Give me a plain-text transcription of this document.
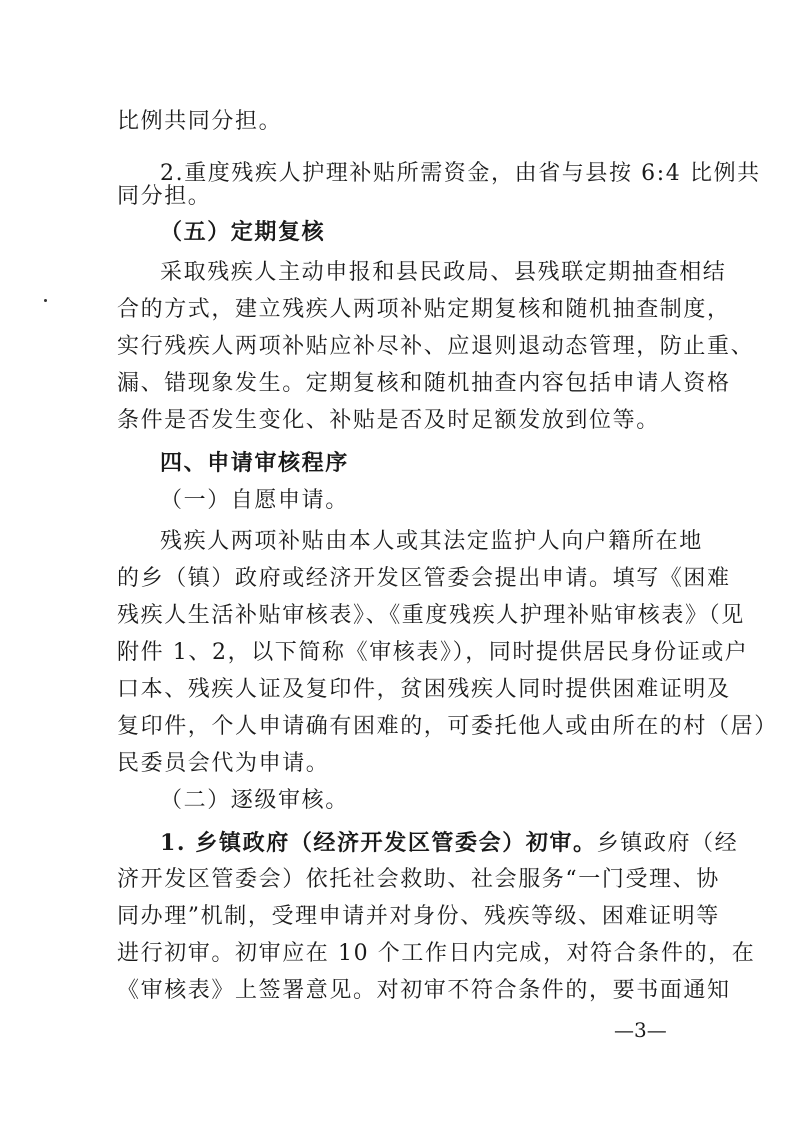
比例共同分担。
2.重度残疾人护理补贴所需资金，由省与县按 6:4 比例共
同分担。
（五）定期复核
采取残疾人主动申报和县民政局、县残联定期抽查相结
合的方式，建立残疾人两项补贴定期复核和随机抽查制度，
实行残疾人两项补贴应补尽补、应退则退动态管理，防止重、
漏、错现象发生。定期复核和随机抽查内容包括申请人资格
条件是否发生变化、补贴是否及时足额发放到位等。
四、申请审核程序
（一）自愿申请。
残疾人两项补贴由本人或其法定监护人向户籍所在地
的乡（镇）政府或经济开发区管委会提出申请。填写《困难
残疾人生活补贴审核表》、《重度残疾人护理补贴审核表》（见
附件 1、2，以下简称《审核表》），同时提供居民身份证或户
口本、残疾人证及复印件，贫困残疾人同时提供困难证明及
复印件，个人申请确有困难的，可委托他人或由所在的村（居）
民委员会代为申请。
（二）逐级审核。
1. 乡镇政府（经济开发区管委会）初审。乡镇政府（经
济开发区管委会）依托社会救助、社会服务“一门受理、协
同办理”机制，受理申请并对身份、残疾等级、困难证明等
进行初审。初审应在 10 个工作日内完成，对符合条件的，在
《审核表》上签署意见。对初审不符合条件的，要书面通知
—3—
